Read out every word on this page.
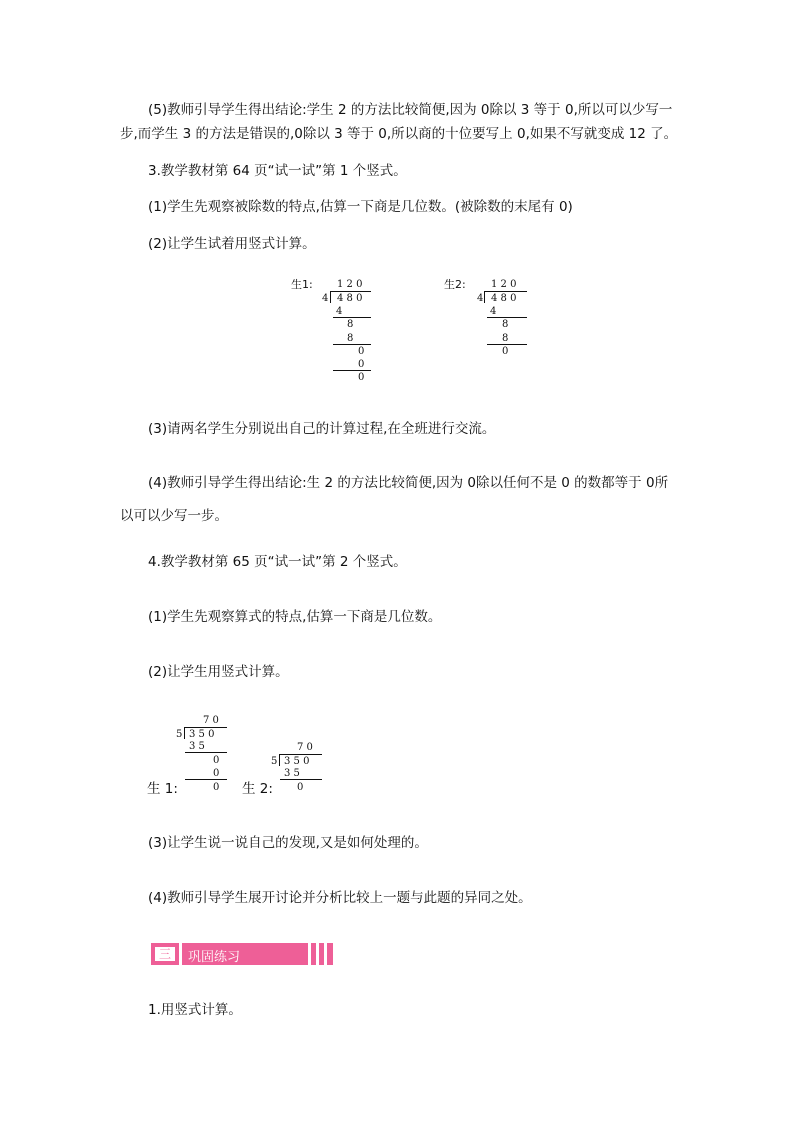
(5)教师引导学生得出结论:学生 2 的方法比较简便,因为 0除以 3 等于 0,所以可以少写一
步,而学生 3 的方法是错误的,0除以 3 等于 0,所以商的十位要写上 0,如果不写就变成 12 了。
3.教学教材第 64 页“试一试”第 1 个竖式。
(1)学生先观察被除数的特点,估算一下商是几位数。(被除数的末尾有 0)
(2)让学生试着用竖式计算。
生1: 1 2 0
4 4 8 0
4
8
8
0
0
0
生2:	1 2 0
4 4 8 0
4
8
8
0
(3)请两名学生分别说出自己的计算过程,在全班进行交流。
(4)教师引导学生得出结论:生 2 的方法比较简便,因为 0除以任何不是 0 的数都等于 0所
以可以少写一步。
4.教学教材第 65 页“试一试”第 2 个竖式。
(1)学生先观察算式的特点,估算一下商是几位数。
(2)让学生用竖式计算。
7 0
5 3 5 0
3 5
0
0
0
生 1:
7 0
5 3 5 0
3 5
0
生 2:
(3)让学生说一说自己的发现,又是如何处理的。
(4)教师引导学生展开讨论并分析比较上一题与此题的异同之处。
三	巩固练习
1.用竖式计算。
